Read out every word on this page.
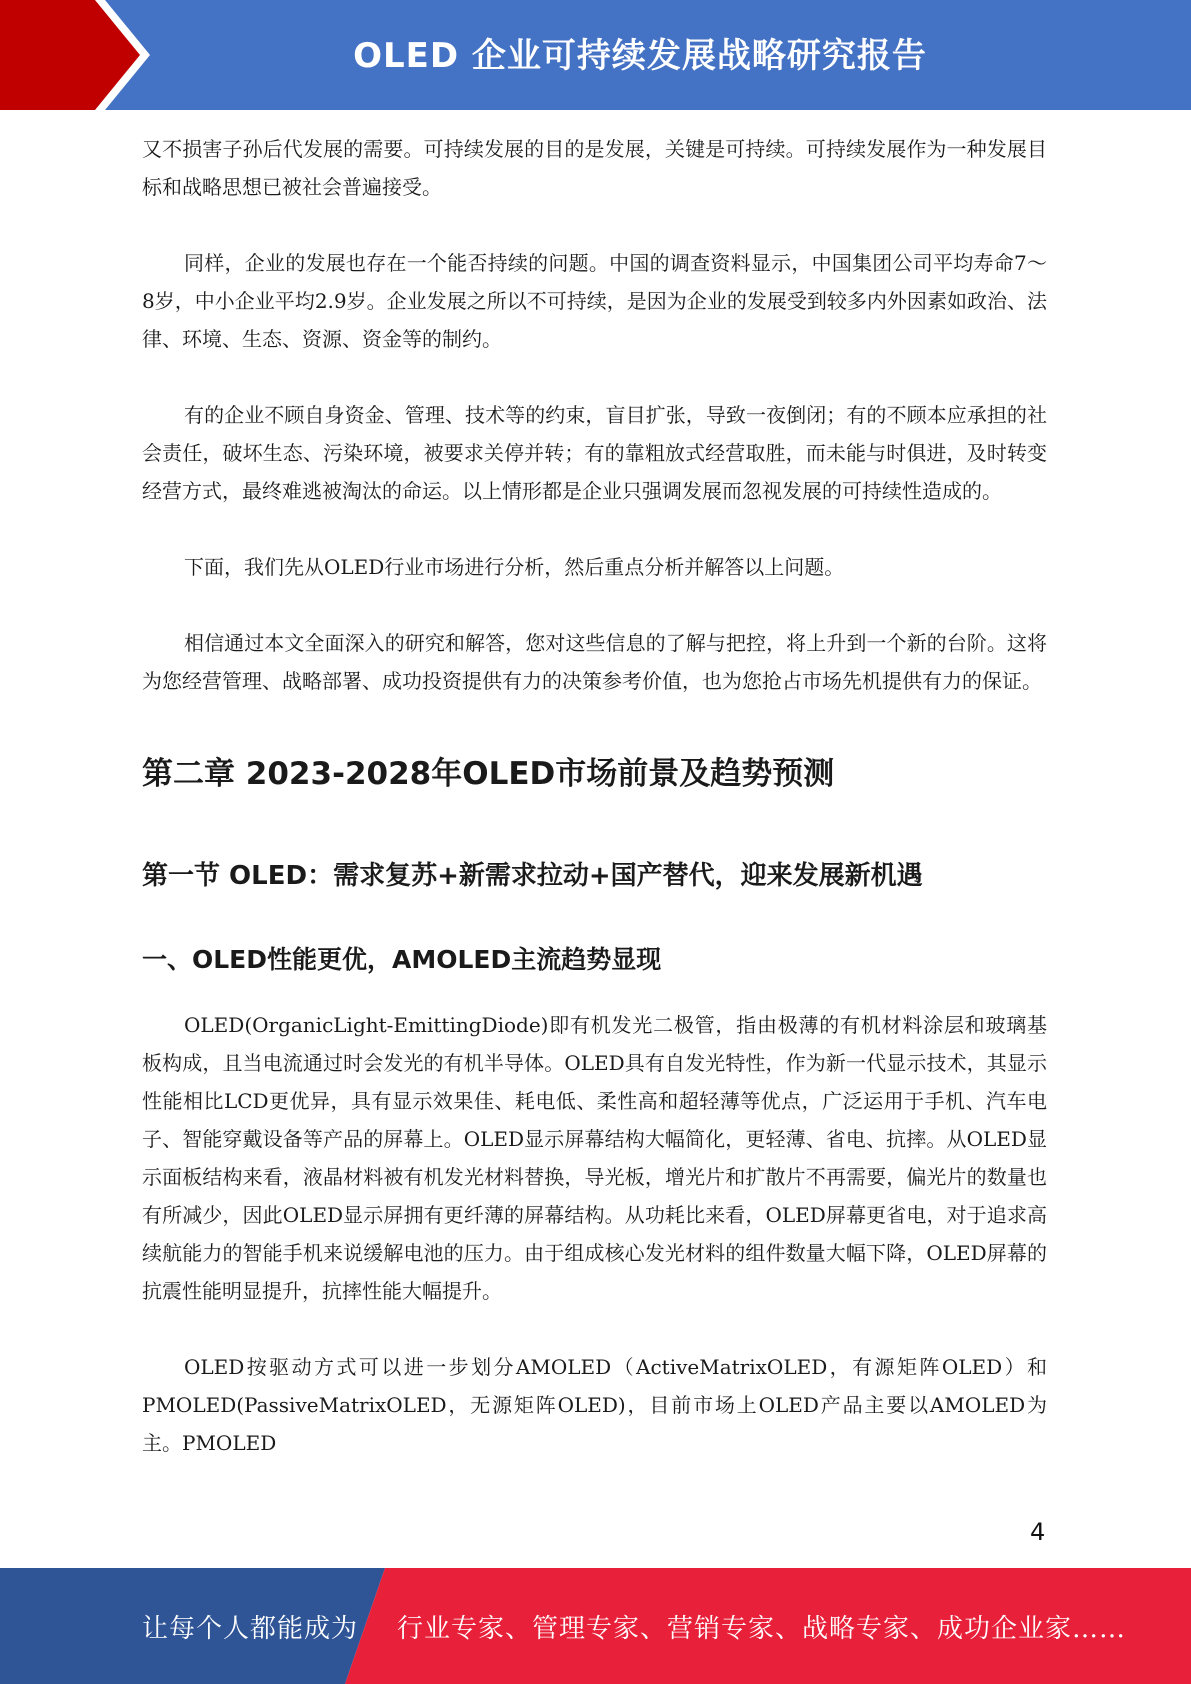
OLED 企业可持续发展战略研究报告

又不损害子孙后代发展的需要。可持续发展的目的是发展，关键是可持续。可持续发展作为一种发展目标和战略思想已被社会普遍接受。

同样，企业的发展也存在一个能否持续的问题。中国的调查资料显示，中国集团公司平均寿命7～8岁，中小企业平均2.9岁。企业发展之所以不可持续，是因为企业的发展受到较多内外因素如政治、法律、环境、生态、资源、资金等的制约。

有的企业不顾自身资金、管理、技术等的约束，盲目扩张，导致一夜倒闭；有的不顾本应承担的社会责任，破坏生态、污染环境，被要求关停并转；有的靠粗放式经营取胜，而未能与时俱进，及时转变经营方式，最终难逃被淘汰的命运。以上情形都是企业只强调发展而忽视发展的可持续性造成的。

下面，我们先从OLED行业市场进行分析，然后重点分析并解答以上问题。

相信通过本文全面深入的研究和解答，您对这些信息的了解与把控，将上升到一个新的台阶。这将为您经营管理、战略部署、成功投资提供有力的决策参考价值，也为您抢占市场先机提供有力的保证。

第二章 2023-2028年OLED市场前景及趋势预测
第一节 OLED：需求复苏+新需求拉动+国产替代，迎来发展新机遇
一、OLED性能更优，AMOLED主流趋势显现

OLED(OrganicLight-EmittingDiode)即有机发光二极管，指由极薄的有机材料涂层和玻璃基板构成，且当电流通过时会发光的有机半导体。OLED具有自发光特性，作为新一代显示技术，其显示性能相比LCD更优异，具有显示效果佳、耗电低、柔性高和超轻薄等优点，广泛运用于手机、汽车电子、智能穿戴设备等产品的屏幕上。OLED显示屏幕结构大幅简化，更轻薄、省电、抗摔。从OLED显示面板结构来看，液晶材料被有机发光材料替换，导光板，增光片和扩散片不再需要，偏光片的数量也有所减少，因此OLED显示屏拥有更纤薄的屏幕结构。从功耗比来看，OLED屏幕更省电，对于追求高续航能力的智能手机来说缓解电池的压力。由于组成核心发光材料的组件数量大幅下降，OLED屏幕的抗震性能明显提升，抗摔性能大幅提升。

OLED按驱动方式可以进一步划分AMOLED（ActiveMatrixOLED，有源矩阵OLED）和PMOLED(PassiveMatrixOLED，无源矩阵OLED)，目前市场上OLED产品主要以AMOLED为主。PMOLED

4
让每个人都能成为 行业专家、管理专家、营销专家、战略专家、成功企业家……
